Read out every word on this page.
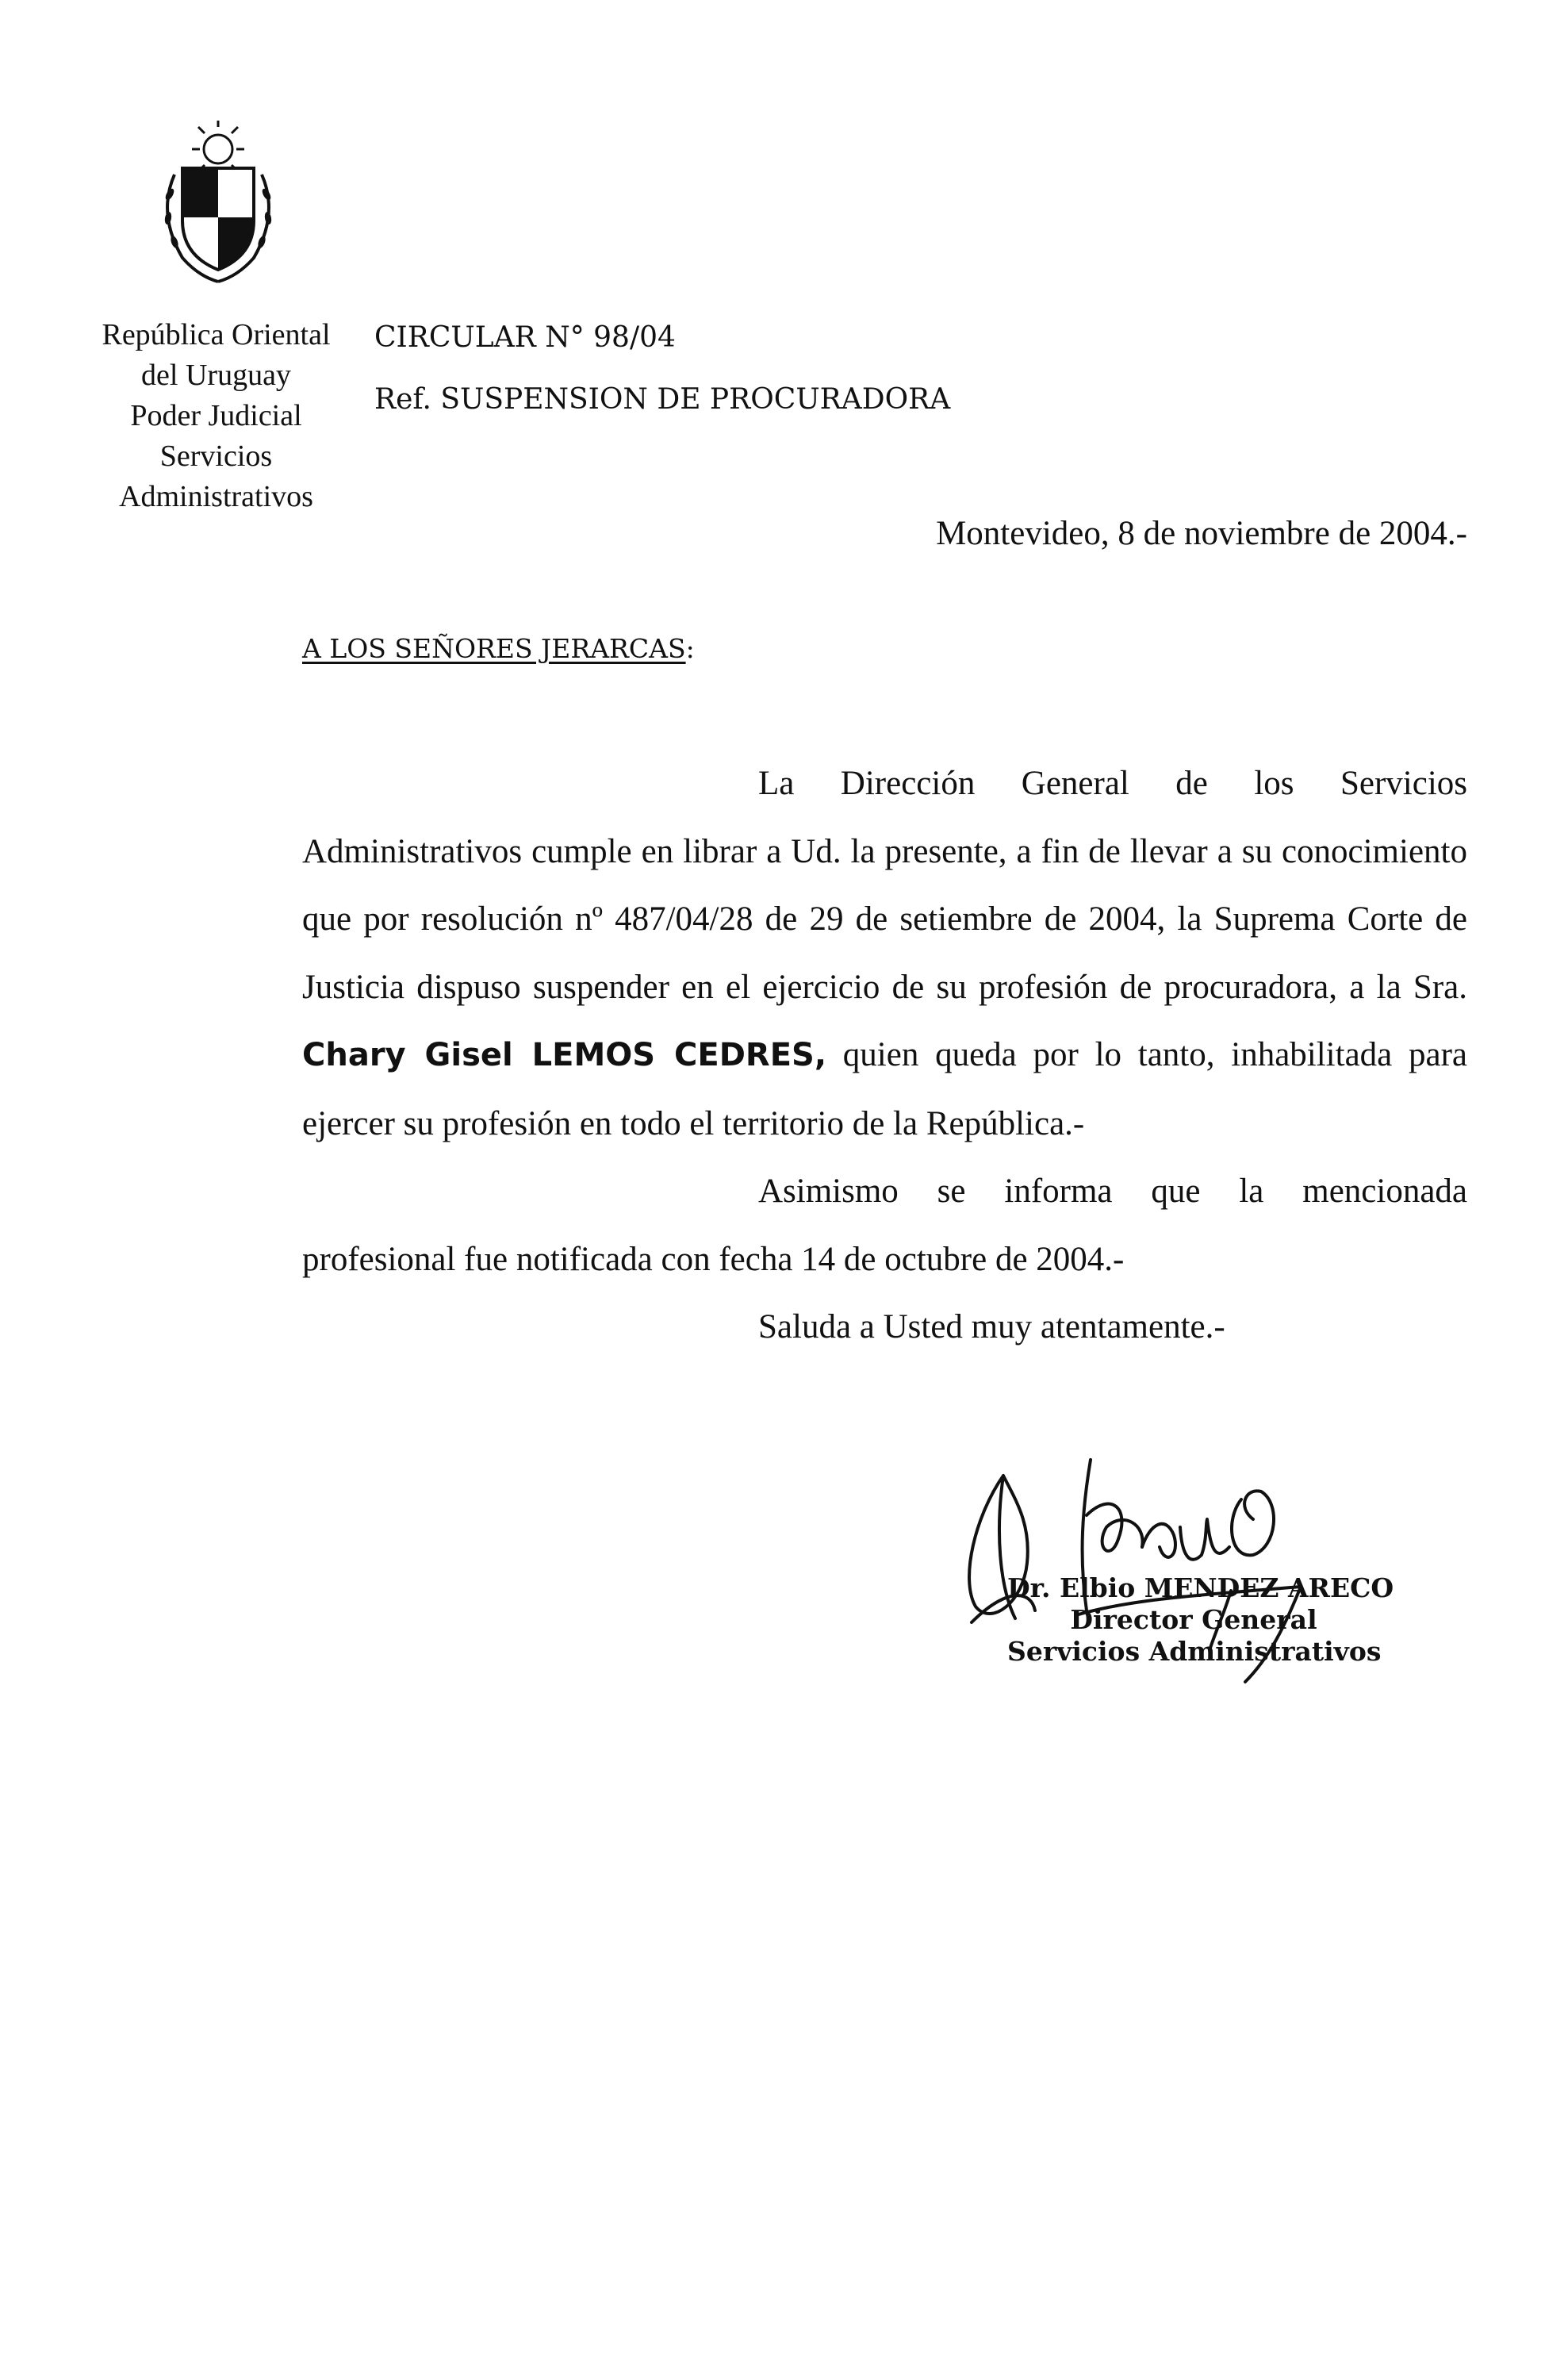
República Oriental
del Uruguay
Poder Judicial
Servicios
Administrativos
CIRCULAR N° 98/04
Ref. SUSPENSION DE PROCURADORA
Montevideo, 8 de noviembre de 2004.-
A LOS SEÑORES JERARCAS:

La Dirección General de los Servicios Administrativos cumple en librar a Ud. la presente, a fin de llevar a su conocimiento que por resolución nº 487/04/28 de 29 de setiembre de 2004, la Suprema Corte de Justicia dispuso suspender en el ejercicio de su profesión de procuradora, a la Sra. Chary Gisel LEMOS CEDRES, quien queda por lo tanto, inhabilitada para ejercer su profesión en todo el territorio de la República.-

Asimismo se informa que la mencionada profesional fue notificada con fecha 14 de octubre de 2004.-

Saluda a Usted muy atentamente.-

Dr. Elbio MENDEZ ARECO
Director General
Servicios Administrativos
